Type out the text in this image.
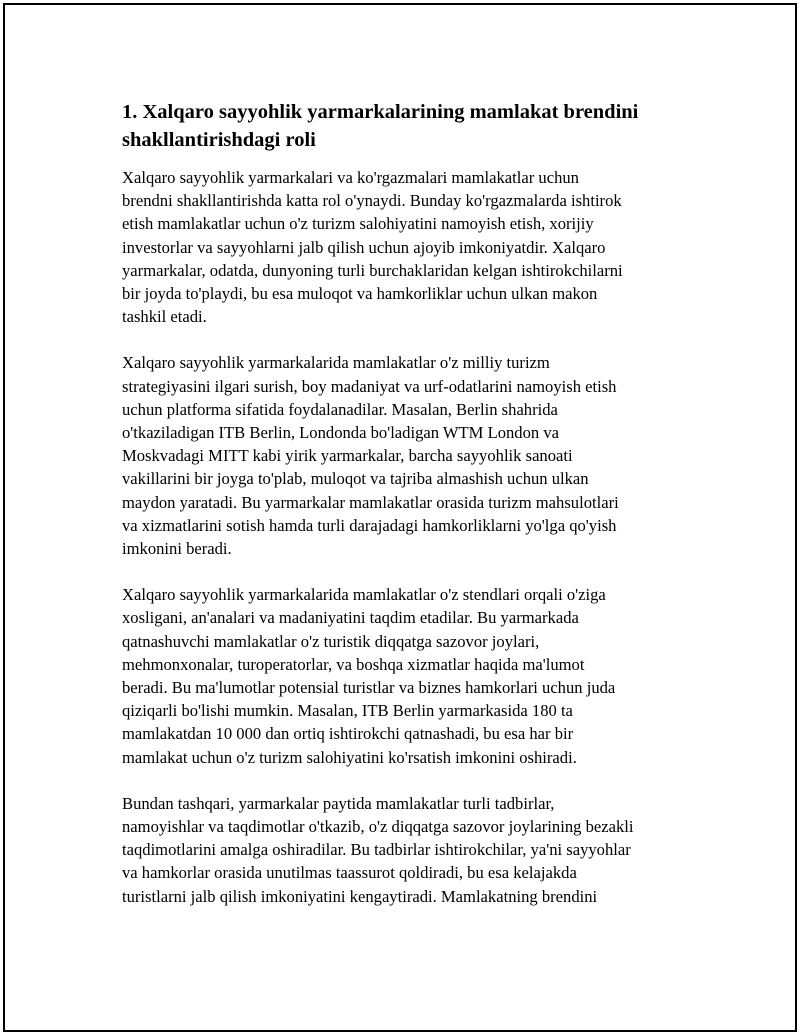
1. Xalqaro sayyohlik yarmarkalarining mamlakat brendini shakllantirishdagi roli

Xalqaro sayyohlik yarmarkalari va ko'rgazmalari mamlakatlar uchun
brendni shakllantirishda katta rol o'ynaydi. Bunday ko'rgazmalarda ishtirok
etish mamlakatlar uchun o'z turizm salohiyatini namoyish etish, xorijiy
investorlar va sayyohlarni jalb qilish uchun ajoyib imkoniyatdir. Xalqaro
yarmarkalar, odatda, dunyoning turli burchaklaridan kelgan ishtirokchilarni
bir joyda to'playdi, bu esa muloqot va hamkorliklar uchun ulkan makon
tashkil etadi.

Xalqaro sayyohlik yarmarkalarida mamlakatlar o'z milliy turizm
strategiyasini ilgari surish, boy madaniyat va urf-odatlarini namoyish etish
uchun platforma sifatida foydalanadilar. Masalan, Berlin shahrida
o'tkaziladigan ITB Berlin, Londonda bo'ladigan WTM London va
Moskvadagi MITT kabi yirik yarmarkalar, barcha sayyohlik sanoati
vakillarini bir joyga to'plab, muloqot va tajriba almashish uchun ulkan
maydon yaratadi. Bu yarmarkalar mamlakatlar orasida turizm mahsulotlari
va xizmatlarini sotish hamda turli darajadagi hamkorliklarni yo'lga qo'yish
imkonini beradi.

Xalqaro sayyohlik yarmarkalarida mamlakatlar o'z stendlari orqali o'ziga
xosligani, an'analari va madaniyatini taqdim etadilar. Bu yarmarkada
qatnashuvchi mamlakatlar o'z turistik diqqatga sazovor joylari,
mehmonxonalar, turoperatorlar, va boshqa xizmatlar haqida ma'lumot
beradi. Bu ma'lumotlar potensial turistlar va biznes hamkorlari uchun juda
qiziqarli bo'lishi mumkin. Masalan, ITB Berlin yarmarkasida 180 ta
mamlakatdan 10 000 dan ortiq ishtirokchi qatnashadi, bu esa har bir
mamlakat uchun o'z turizm salohiyatini ko'rsatish imkonini oshiradi.

Bundan tashqari, yarmarkalar paytida mamlakatlar turli tadbirlar,
namoyishlar va taqdimotlar o'tkazib, o'z diqqatga sazovor joylarining bezakli
taqdimotlarini amalga oshiradilar. Bu tadbirlar ishtirokchilar, ya'ni sayyohlar
va hamkorlar orasida unutilmas taassurot qoldiradi, bu esa kelajakda
turistlarni jalb qilish imkoniyatini kengaytiradi. Mamlakatning brendini
